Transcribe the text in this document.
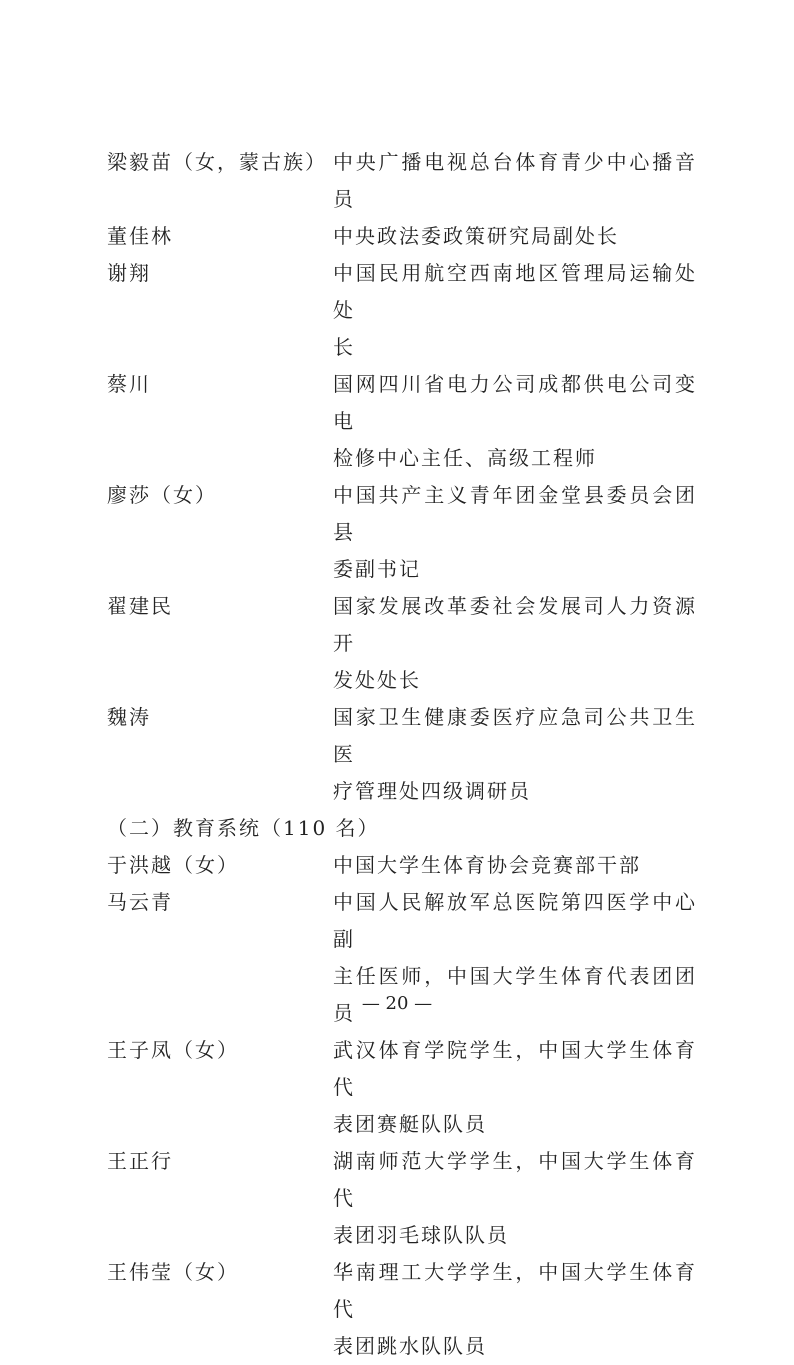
梁毅苗（女，蒙古族） 中央广播电视总台体育青少中心播音员
董佳林	中央政法委政策研究局副处长
谢翔	中国民用航空西南地区管理局运输处处
长
蔡川	国网四川省电力公司成都供电公司变电
检修中心主任、高级工程师
廖莎（女）	中国共产主义青年团金堂县委员会团县
委副书记
翟建民	国家发展改革委社会发展司人力资源开
发处处长
魏涛	国家卫生健康委医疗应急司公共卫生医
疗管理处四级调研员
（二）教育系统（110 名）
于洪越（女）	中国大学生体育协会竞赛部干部
马云青	中国人民解放军总医院第四医学中心副
主任医师，中国大学生体育代表团团员
王子凤（女）	武汉体育学院学生，中国大学生体育代
表团赛艇队队员
王正行	湖南师范大学学生，中国大学生体育代
表团羽毛球队队员
王伟莹（女）	华南理工大学学生，中国大学生体育代
表团跳水队队员
— 20 —
